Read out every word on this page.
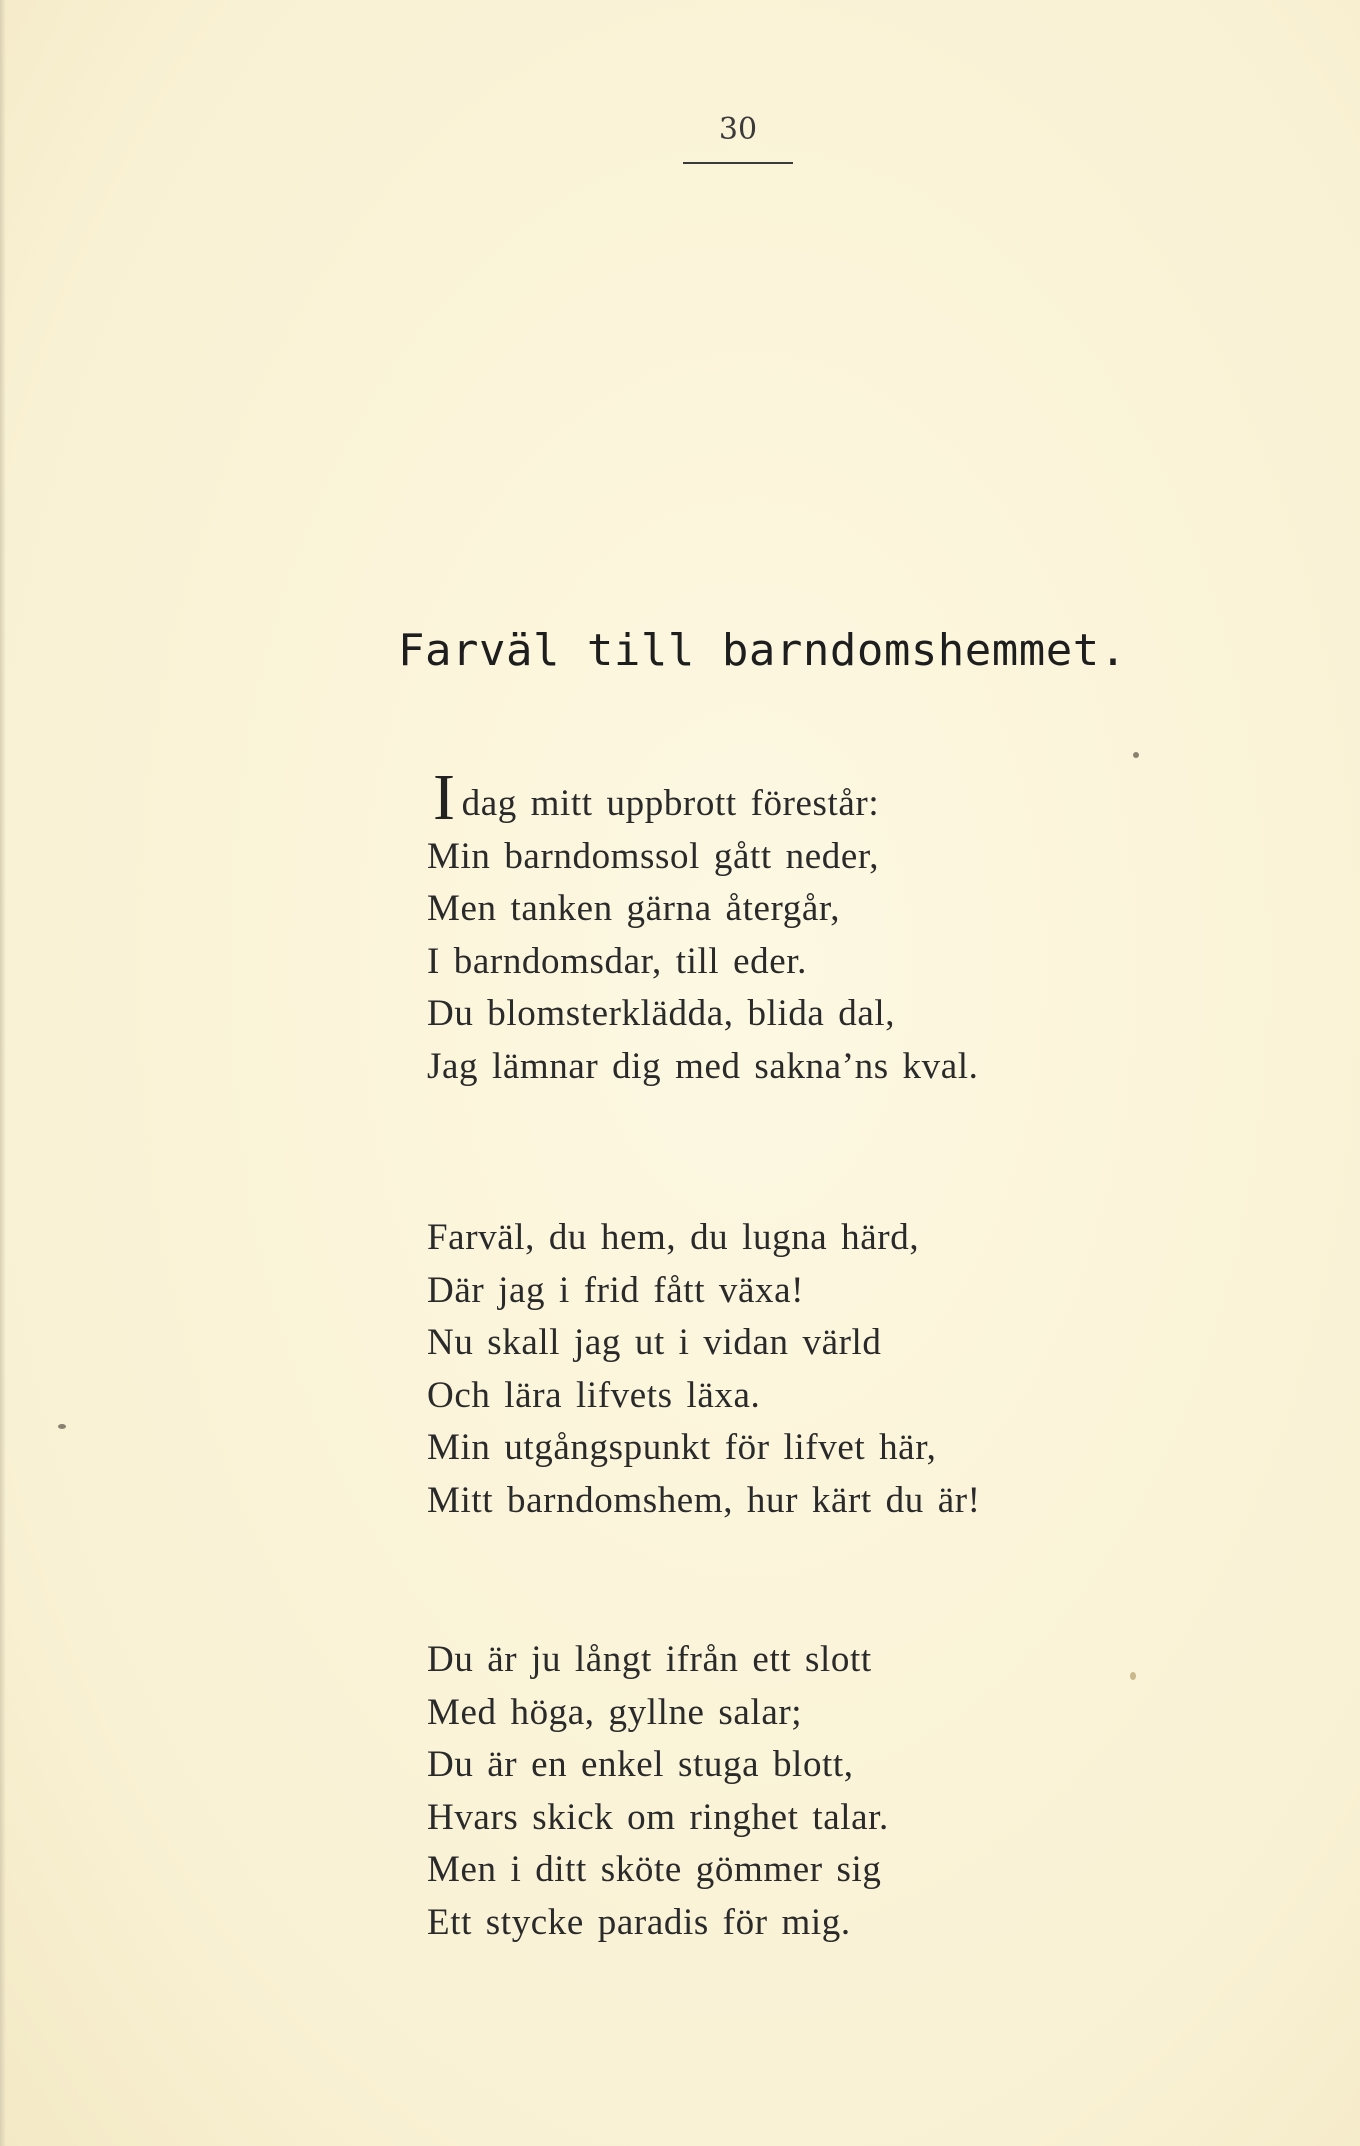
30
Farväl till barndomshemmet.
Idag mitt uppbrott förestår:
Min barndomssol gått neder,
Men tanken gärna återgår,
I barndomsdar, till eder.
Du blomsterklädda, blida dal,
Jag lämnar dig med sakna’ns kval.
Farväl, du hem, du lugna härd,
Där jag i frid fått växa!
Nu skall jag ut i vidan värld
Och lära lifvets läxa.
Min utgångspunkt för lifvet här,
Mitt barndomshem, hur kärt du är!
Du är ju långt ifrån ett slott
Med höga, gyllne salar;
Du är en enkel stuga blott,
Hvars skick om ringhet talar.
Men i ditt sköte gömmer sig
Ett stycke paradis för mig.
